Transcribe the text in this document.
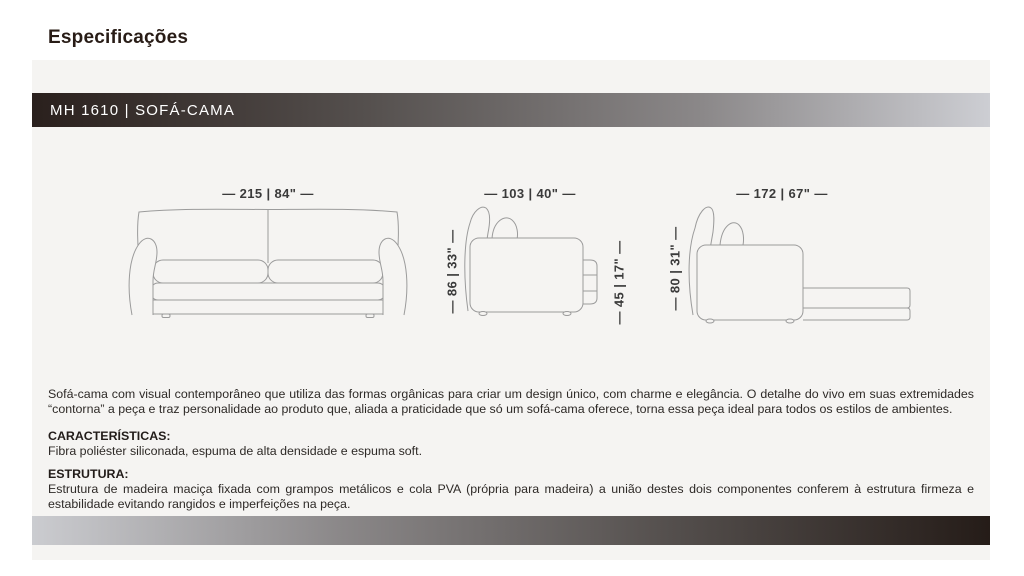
Especificações
MH 1610 | SOFÁ-CAMA
— 215 | 84" —	— 103 | 40" —
— 86 | 33" —	— 45 | 17" —
— 172 | 67" —
— 80 | 31" —
Sofá-cama com visual contemporâneo que utiliza das formas orgânicas para criar um design único, com charme e elegância. O detalhe do vivo em suas extremidades “contorna” a peça e traz personalidade ao produto que, aliada a praticidade que só um sofá-cama oferece, torna essa peça ideal para todos os estilos de ambientes.
CARACTERÍSTICAS:
Fibra poliéster siliconada, espuma de alta densidade e espuma soft.
ESTRUTURA:
Estrutura de madeira maciça fixada com grampos metálicos e cola PVA (própria para madeira) a união destes dois componentes conferem à estrutura firmeza e estabilidade evitando rangidos e imperfeições na peça.
